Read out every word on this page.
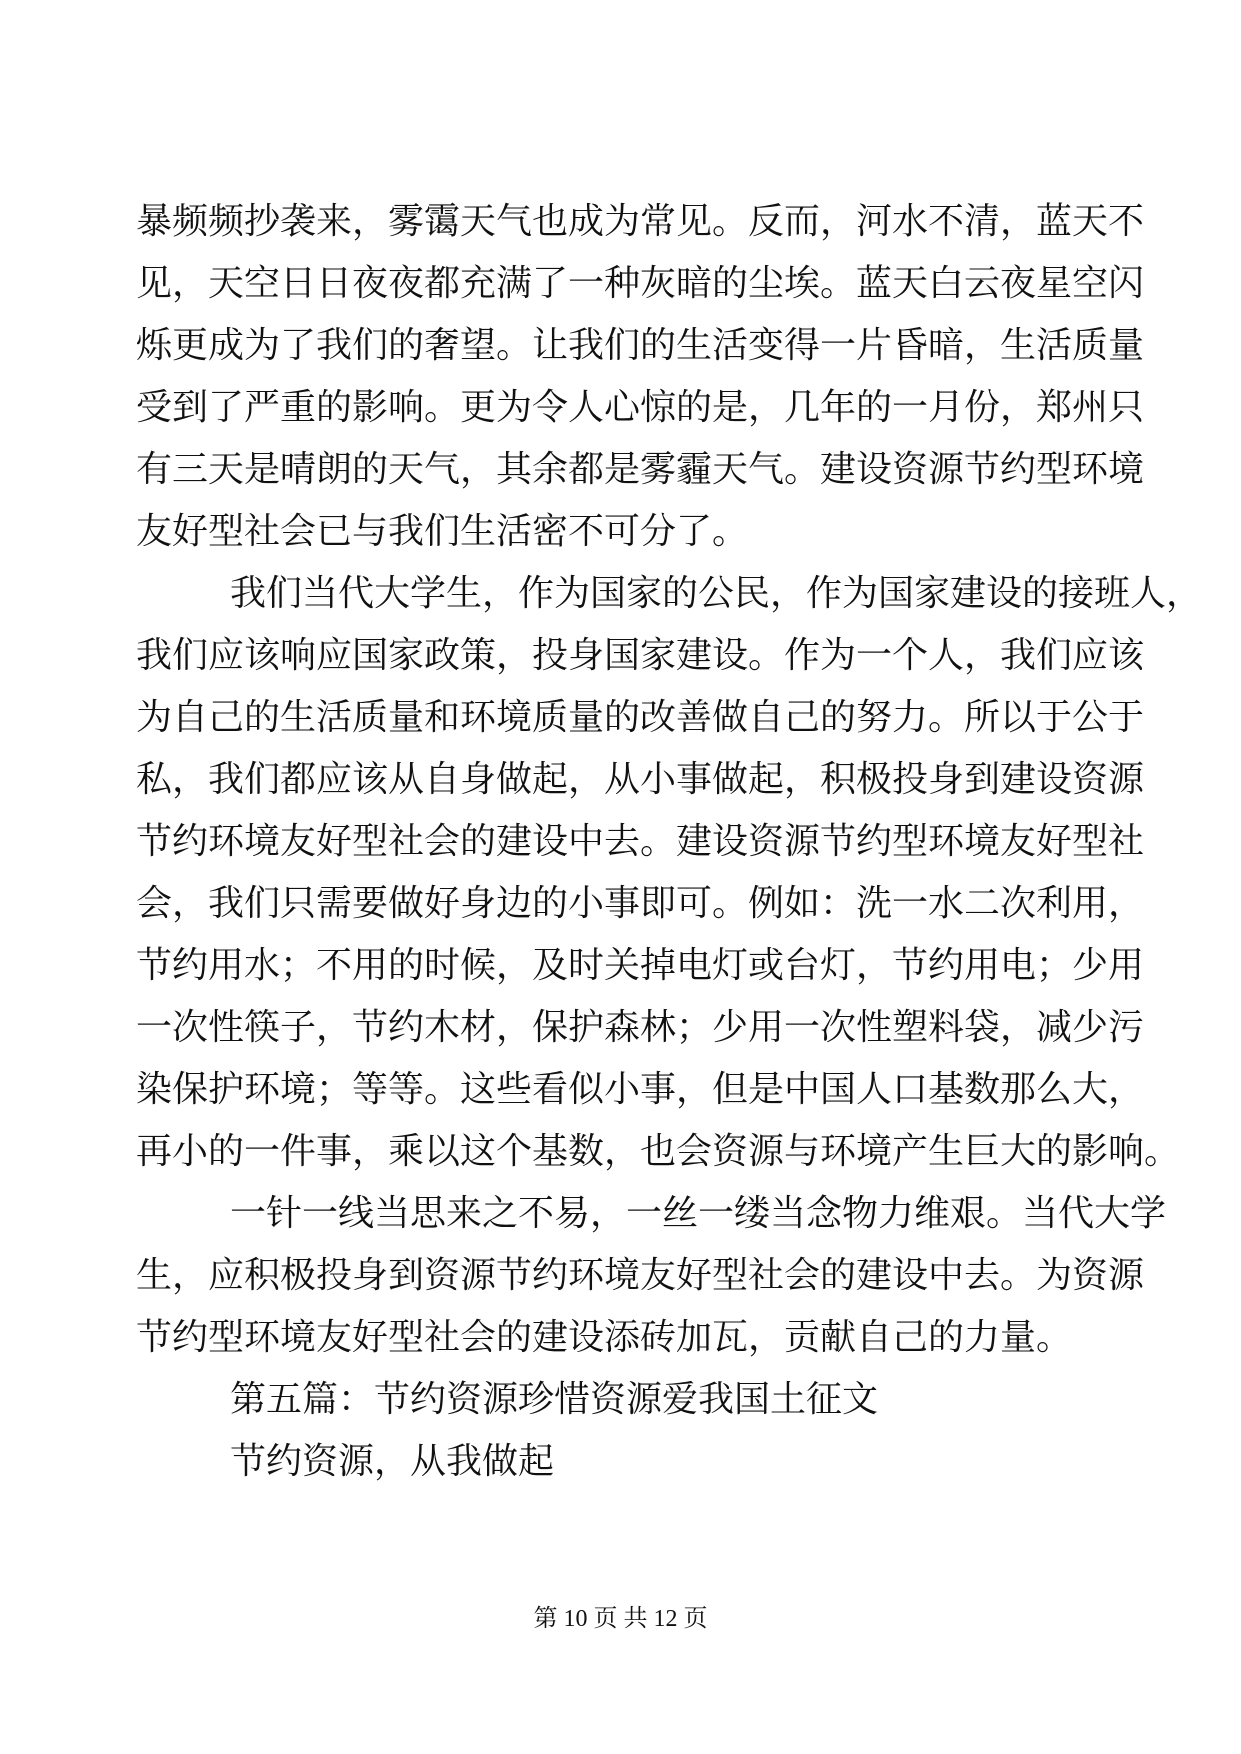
暴频频抄袭来，雾霭天气也成为常见。反而，河水不清，蓝天不
见，天空日日夜夜都充满了一种灰暗的尘埃。蓝天白云夜星空闪
烁更成为了我们的奢望。让我们的生活变得一片昏暗，生活质量
受到了严重的影响。更为令人心惊的是，几年的一月份，郑州只
有三天是晴朗的天气，其余都是雾霾天气。建设资源节约型环境
友好型社会已与我们生活密不可分了。
我们当代大学生，作为国家的公民，作为国家建设的接班人，
我们应该响应国家政策，投身国家建设。作为一个人，我们应该
为自己的生活质量和环境质量的改善做自己的努力。所以于公于
私，我们都应该从自身做起，从小事做起，积极投身到建设资源
节约环境友好型社会的建设中去。建设资源节约型环境友好型社
会，我们只需要做好身边的小事即可。例如：洗一水二次利用，
节约用水；不用的时候，及时关掉电灯或台灯，节约用电；少用
一次性筷子，节约木材，保护森林；少用一次性塑料袋，减少污
染保护环境；等等。这些看似小事，但是中国人口基数那么大，
再小的一件事，乘以这个基数，也会资源与环境产生巨大的影响。
一针一线当思来之不易，一丝一缕当念物力维艰。当代大学
生，应积极投身到资源节约环境友好型社会的建设中去。为资源
节约型环境友好型社会的建设添砖加瓦，贡献自己的力量。
第五篇：节约资源珍惜资源爱我国土征文
节约资源，从我做起
第 10 页 共 12 页
